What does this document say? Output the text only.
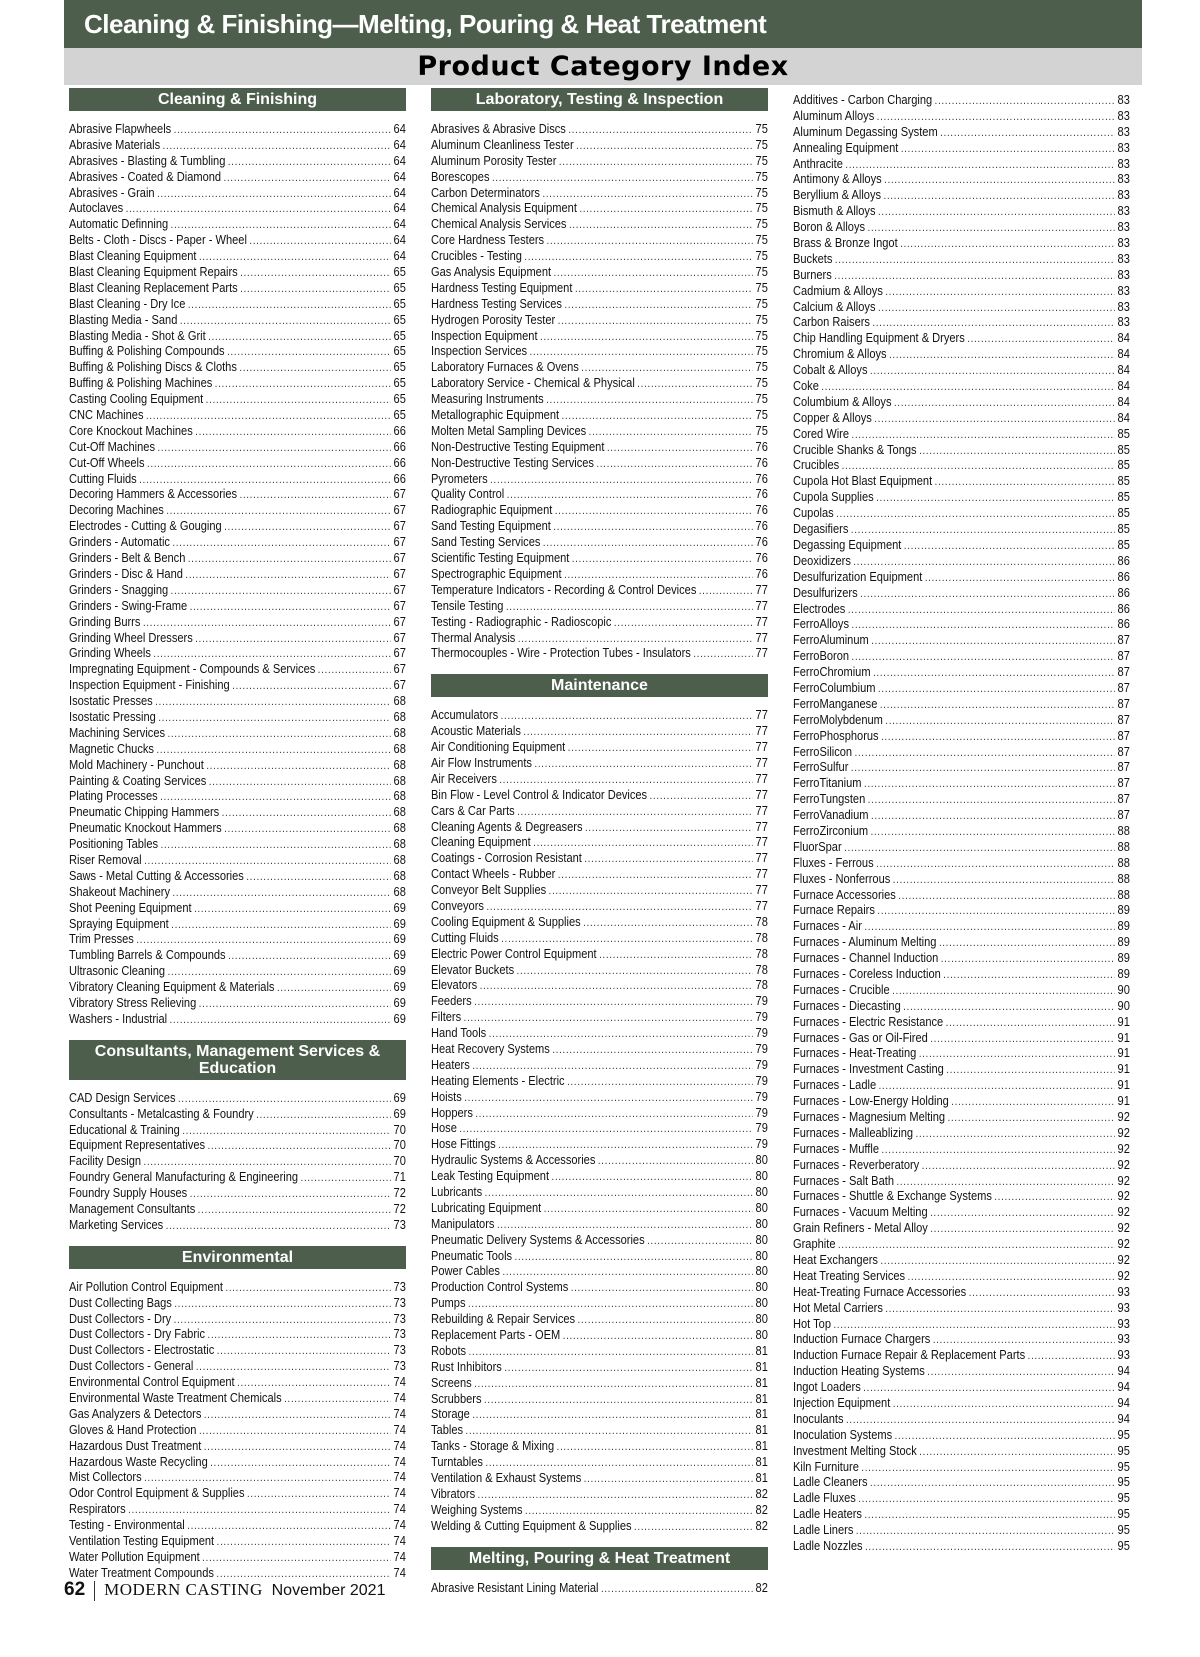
Cleaning & Finishing—Melting, Pouring & Heat Treatment
Product Category Index
Cleaning & Finishing
Abrasive Flapwheels .....	64
Abrasive Materials .....	64
Abrasives - Blasting & Tumbling .....	64
Abrasives - Coated & Diamond .....	64
Abrasives - Grain .....	64
Autoclaves .....	64
Automatic Definning .....	64
Belts - Cloth - Discs - Paper - Wheel .....	64
Blast Cleaning Equipment .....	64
Blast Cleaning Equipment Repairs .....	65
Blast Cleaning Replacement Parts .....	65
Blast Cleaning - Dry Ice .....	65
Blasting Media - Sand .....	65
Blasting Media - Shot & Grit .....	65
Buffing & Polishing Compounds .....	65
Buffing & Polishing Discs & Cloths .....	65
Buffing & Polishing Machines .....	65
Casting Cooling Equipment .....	65
CNC Machines .....	65
Core Knockout Machines .....	66
Cut-Off Machines .....	66
Cut-Off Wheels .....	66
Cutting Fluids .....	66
Decoring Hammers & Accessories .....	67
Decoring Machines .....	67
Electrodes - Cutting & Gouging .....	67
Grinders - Automatic .....	67
Grinders - Belt & Bench .....	67
Grinders - Disc & Hand .....	67
Grinders - Snagging .....	67
Grinders - Swing-Frame .....	67
Grinding Burrs .....	67
Grinding Wheel Dressers .....	67
Grinding Wheels .....	67
Impregnating Equipment - Compounds & Services .....	67
Inspection Equipment - Finishing .....	67
Isostatic Presses .....	68
Isostatic Pressing .....	68
Machining Services .....	68
Magnetic Chucks .....	68
Mold Machinery - Punchout .....	68
Painting & Coating Services .....	68
Plating Processes .....	68
Pneumatic Chipping Hammers .....	68
Pneumatic Knockout Hammers .....	68
Positioning Tables .....	68
Riser Removal .....	68
Saws - Metal Cutting & Accessories .....	68
Shakeout Machinery .....	68
Shot Peening Equipment .....	69
Spraying Equipment .....	69
Trim Presses .....	69
Tumbling Barrels & Compounds .....	69
Ultrasonic Cleaning .....	69
Vibratory Cleaning Equipment & Materials .....	69
Vibratory Stress Relieving .....	69
Washers - Industrial .....	69
Consultants, Management Services & Education
CAD Design Services .....	69
Consultants - Metalcasting & Foundry .....	69
Educational & Training .....	70
Equipment Representatives .....	70
Facility Design .....	70
Foundry General Manufacturing & Engineering .....	71
Foundry Supply Houses .....	72
Management Consultants .....	72
Marketing Services .....	73
Environmental
Air Pollution Control Equipment .....	73
Dust Collecting Bags .....	73
Dust Collectors - Dry .....	73
Dust Collectors - Dry Fabric .....	73
Dust Collectors - Electrostatic .....	73
Dust Collectors - General .....	73
Environmental Control Equipment .....	74
Environmental Waste Treatment Chemicals .....	74
Gas Analyzers & Detectors .....	74
Gloves & Hand Protection .....	74
Hazardous Dust Treatment .....	74
Hazardous Waste Recycling .....	74
Mist Collectors .....	74
Odor Control Equipment & Supplies .....	74
Respirators .....	74
Testing - Environmental .....	74
Ventilation Testing Equipment .....	74
Water Pollution Equipment .....	74
Water Treatment Compounds .....	74
Laboratory, Testing & Inspection
Abrasives & Abrasive Discs .....	75
Aluminum Cleanliness Tester .....	75
Aluminum Porosity Tester .....	75
Borescopes .....	75
Carbon Determinators .....	75
Chemical Analysis Equipment .....	75
Chemical Analysis Services .....	75
Core Hardness Testers .....	75
Crucibles - Testing .....	75
Gas Analysis Equipment .....	75
Hardness Testing Equipment .....	75
Hardness Testing Services .....	75
Hydrogen Porosity Tester .....	75
Inspection Equipment .....	75
Inspection Services .....	75
Laboratory Furnaces & Ovens .....	75
Laboratory Service - Chemical & Physical .....	75
Measuring Instruments .....	75
Metallographic Equipment .....	75
Molten Metal Sampling Devices .....	75
Non-Destructive Testing Equipment .....	76
Non-Destructive Testing Services .....	76
Pyrometers .....	76
Quality Control .....	76
Radiographic Equipment .....	76
Sand Testing Equipment .....	76
Sand Testing Services .....	76
Scientific Testing Equipment .....	76
Spectrographic Equipment .....	76
Temperature Indicators - Recording & Control Devices .....	77
Tensile Testing .....	77
Testing - Radiographic - Radioscopic .....	77
Thermal Analysis .....	77
Thermocouples - Wire - Protection Tubes - Insulators .....	77
Maintenance
Accumulators .....	77
Acoustic Materials .....	77
Air Conditioning Equipment .....	77
Air Flow Instruments .....	77
Air Receivers .....	77
Bin Flow - Level Control & Indicator Devices .....	77
Cars & Car Parts .....	77
Cleaning Agents & Degreasers .....	77
Cleaning Equipment .....	77
Coatings - Corrosion Resistant .....	77
Contact Wheels - Rubber .....	77
Conveyor Belt Supplies .....	77
Conveyors .....	77
Cooling Equipment & Supplies .....	78
Cutting Fluids .....	78
Electric Power Control Equipment .....	78
Elevator Buckets .....	78
Elevators .....	78
Feeders .....	79
Filters .....	79
Hand Tools .....	79
Heat Recovery Systems .....	79
Heaters .....	79
Heating Elements - Electric .....	79
Hoists .....	79
Hoppers .....	79
Hose .....	79
Hose Fittings .....	79
Hydraulic Systems & Accessories .....	80
Leak Testing Equipment .....	80
Lubricants .....	80
Lubricating Equipment .....	80
Manipulators .....	80
Pneumatic Delivery Systems & Accessories .....	80
Pneumatic Tools .....	80
Power Cables .....	80
Production Control Systems .....	80
Pumps .....	80
Rebuilding & Repair Services .....	80
Replacement Parts - OEM .....	80
Robots .....	81
Rust Inhibitors .....	81
Screens .....	81
Scrubbers .....	81
Storage .....	81
Tables .....	81
Tanks - Storage & Mixing .....	81
Turntables .....	81
Ventilation & Exhaust Systems .....	81
Vibrators .....	82
Weighing Systems .....	82
Welding & Cutting Equipment & Supplies .....	82
Melting, Pouring & Heat Treatment
Abrasive Resistant Lining Material .....	82
Additives - Carbon Charging .....	83
Aluminum Alloys .....	83
Aluminum Degassing System .....	83
Annealing Equipment .....	83
Anthracite .....	83
Antimony & Alloys .....	83
Beryllium & Alloys .....	83
Bismuth & Alloys .....	83
Boron & Alloys .....	83
Brass & Bronze Ingot .....	83
Buckets .....	83
Burners .....	83
Cadmium & Alloys .....	83
Calcium & Alloys .....	83
Carbon Raisers .....	83
Chip Handling Equipment & Dryers .....	84
Chromium & Alloys .....	84
Cobalt & Alloys .....	84
Coke .....	84
Columbium & Alloys .....	84
Copper & Alloys .....	84
Cored Wire .....	85
Crucible Shanks & Tongs .....	85
Crucibles .....	85
Cupola Hot Blast Equipment .....	85
Cupola Supplies .....	85
Cupolas .....	85
Degasifiers .....	85
Degassing Equipment .....	85
Deoxidizers .....	86
Desulfurization Equipment .....	86
Desulfurizers .....	86
Electrodes .....	86
FerroAlloys .....	86
FerroAluminum .....	87
FerroBoron .....	87
FerroChromium .....	87
FerroColumbium .....	87
FerroManganese .....	87
FerroMolybdenum .....	87
FerroPhosphorus .....	87
FerroSilicon .....	87
FerroSulfur .....	87
FerroTitanium .....	87
FerroTungsten .....	87
FerroVanadium .....	87
FerroZirconium .....	88
FluorSpar .....	88
Fluxes - Ferrous .....	88
Fluxes - Nonferrous .....	88
Furnace Accessories .....	88
Furnace Repairs .....	89
Furnaces - Air .....	89
Furnaces - Aluminum Melting .....	89
Furnaces - Channel Induction .....	89
Furnaces - Coreless Induction .....	89
Furnaces - Crucible .....	90
Furnaces - Diecasting .....	90
Furnaces - Electric Resistance .....	91
Furnaces - Gas or Oil-Fired .....	91
Furnaces - Heat-Treating .....	91
Furnaces - Investment Casting .....	91
Furnaces - Ladle .....	91
Furnaces - Low-Energy Holding .....	91
Furnaces - Magnesium Melting .....	92
Furnaces - Malleablizing .....	92
Furnaces - Muffle .....	92
Furnaces - Reverberatory .....	92
Furnaces - Salt Bath .....	92
Furnaces - Shuttle & Exchange Systems .....	92
Furnaces - Vacuum Melting .....	92
Grain Refiners - Metal Alloy .....	92
Graphite .....	92
Heat Exchangers .....	92
Heat Treating Services .....	92
Heat-Treating Furnace Accessories .....	93
Hot Metal Carriers .....	93
Hot Top .....	93
Induction Furnace Chargers .....	93
Induction Furnace Repair & Replacement Parts .....	93
Induction Heating Systems .....	94
Ingot Loaders .....	94
Injection Equipment .....	94
Inoculants .....	94
Inoculation Systems .....	95
Investment Melting Stock .....	95
Kiln Furniture .....	95
Ladle Cleaners .....	95
Ladle Fluxes .....	95
Ladle Heaters .....	95
Ladle Liners .....	95
Ladle Nozzles .....	95
62 MODERN CASTING November 2021
